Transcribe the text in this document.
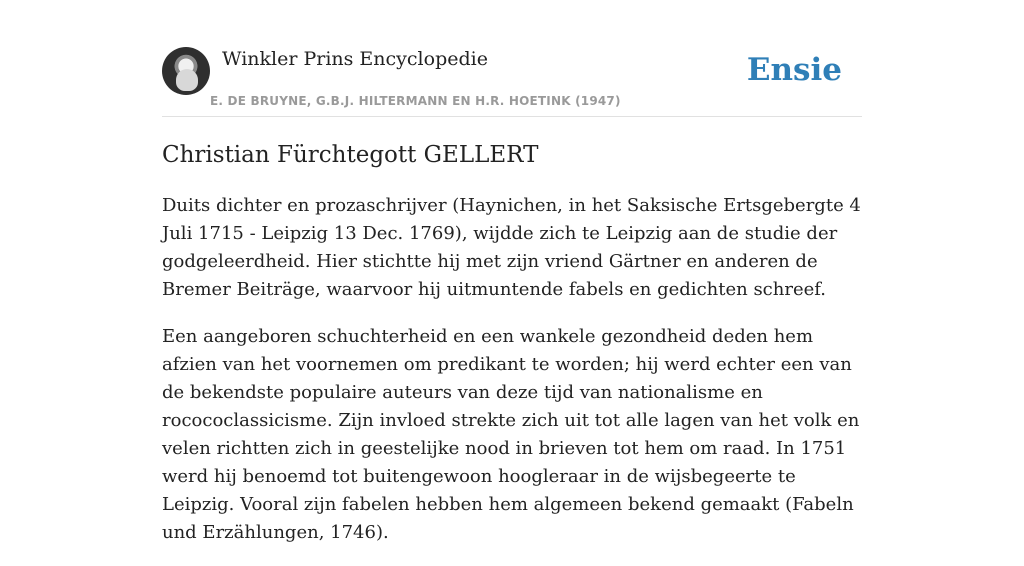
Winkler Prins Encyclopedie
E. DE BRUYNE, G.B.J. HILTERMANN EN H.R. HOETINK (1947)
Ensie
Christian Fürchtegott GELLERT

Duits dichter en prozaschrijver (Haynichen, in het Saksische Ertsgebergte 4 Juli 1715 - Leipzig 13 Dec. 1769), wijdde zich te Leipzig aan de studie der godgeleerdheid. Hier stichtte hij met zijn vriend Gärtner en anderen de Bremer Beiträge, waarvoor hij uitmuntende fabels en gedichten schreef.

Een aangeboren schuchterheid en een wankele gezondheid deden hem afzien van het voornemen om predikant te worden; hij werd echter een van de bekendste populaire auteurs van deze tijd van nationalisme en rocococlassicisme. Zijn invloed strekte zich uit tot alle lagen van het volk en velen richtten zich in geestelijke nood in brieven tot hem om raad. In 1751 werd hij benoemd tot buitengewoon hoogleraar in de wijsbegeerte te Leipzig. Vooral zijn fabelen hebben hem algemeen bekend gemaakt (Fabeln und Erzählungen, 1746).
